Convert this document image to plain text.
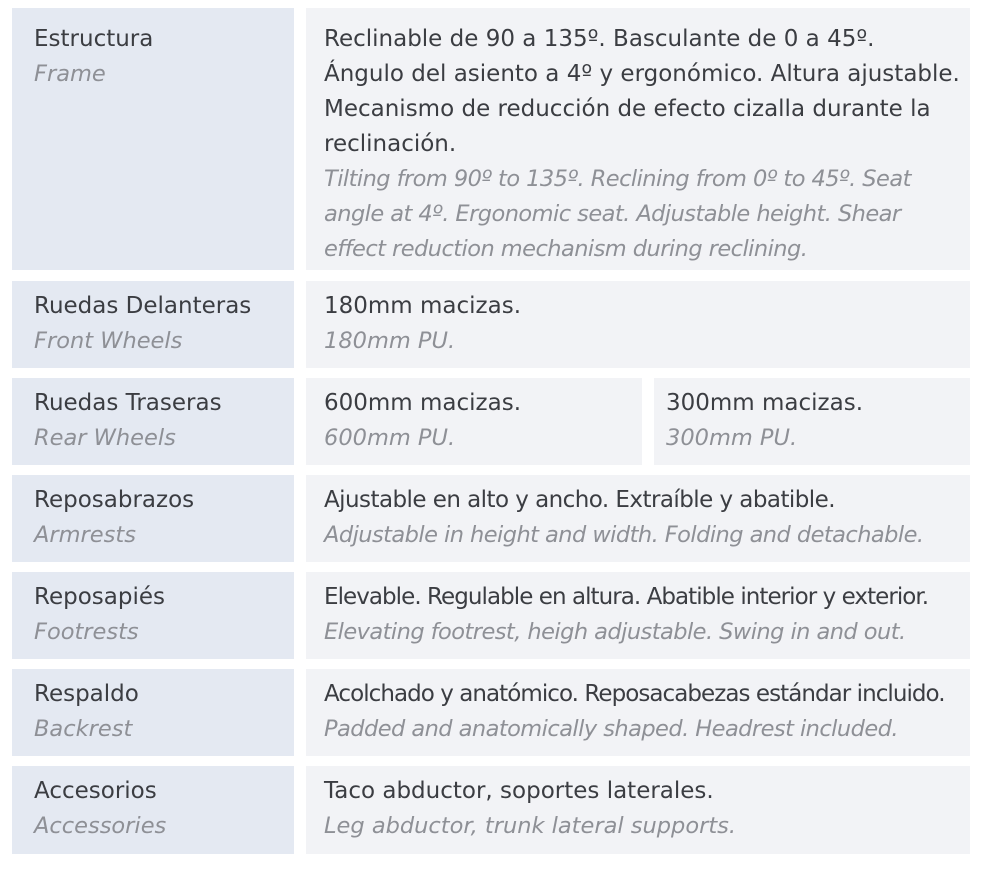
Estructura
Frame
Reclinable de 90 a 135º. Basculante de 0 a 45º. Ángulo del asiento a 4º y ergonómico. Altura ajustable. Mecanismo de reducción de efecto cizalla durante la reclinación.
Tilting from 90º to 135º. Reclining from 0º to 45º. Seat angle at 4º. Ergonomic seat. Adjustable height. Shear effect reduction mechanism during reclining.
Ruedas Delanteras
Front Wheels
180mm macizas.
180mm PU.
Ruedas Traseras
Rear Wheels
600mm macizas.
600mm PU.
300mm macizas.
300mm PU.
Reposabrazos
Armrests
Ajustable en alto y ancho. Extraíble y abatible.
Adjustable in height and width. Folding and detachable.
Reposapiés
Footrests
Elevable. Regulable en altura. Abatible interior y exterior.
Elevating footrest, heigh adjustable. Swing in and out.
Respaldo
Backrest
Acolchado y anatómico. Reposacabezas estándar incluido.
Padded and anatomically shaped. Headrest included.
Accesorios
Accessories
Taco abductor, soportes laterales.
Leg abductor, trunk lateral supports.
